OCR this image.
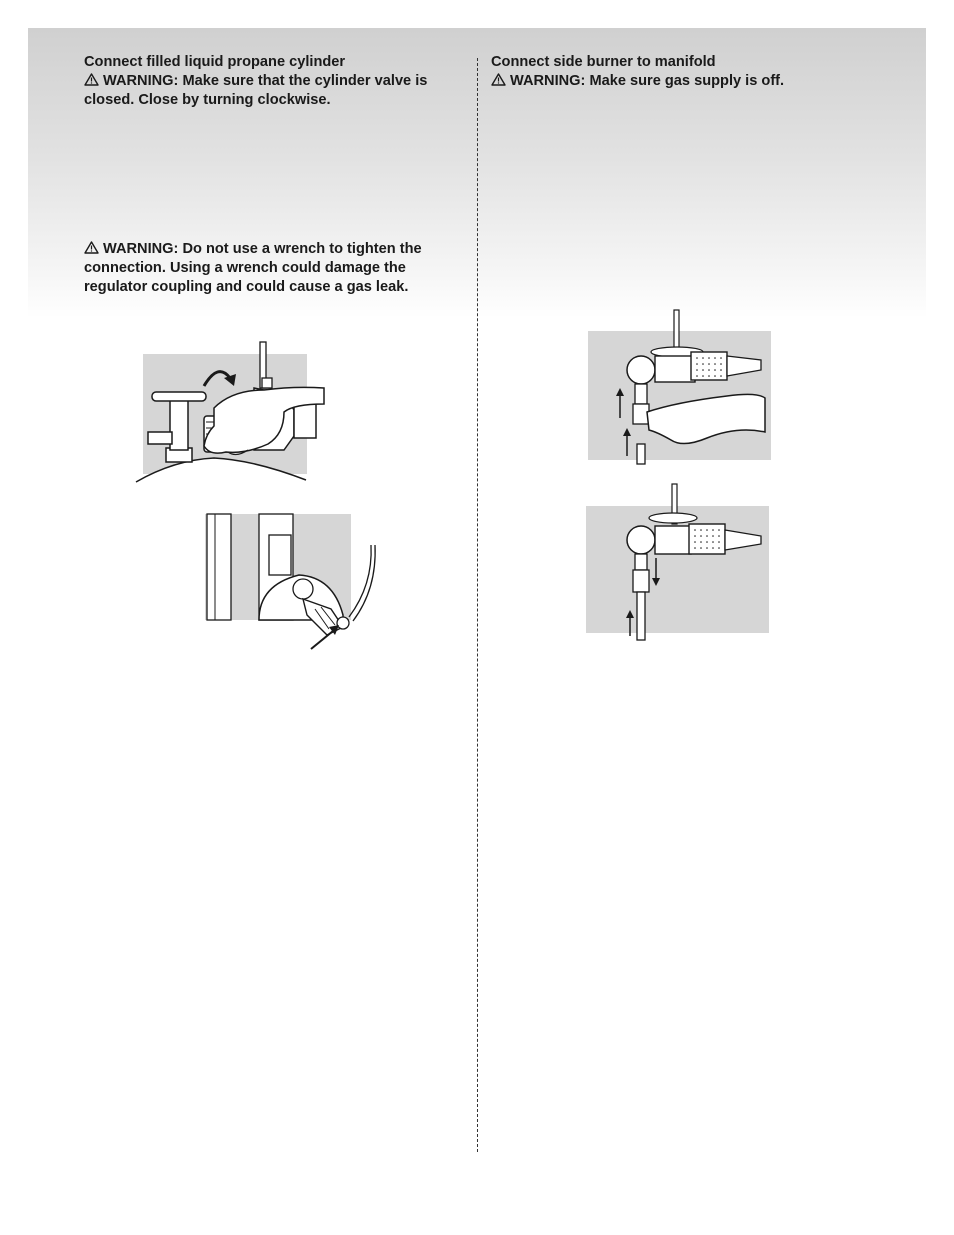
Connect filled liquid propane cylinder

WARNING: Make sure that the cylinder valve is closed. Close by turning clockwise.

WARNING: Do not use a wrench to tighten the connection. Using a wrench could damage the regulator coupling and could cause a gas leak.

Connect side burner to manifold

WARNING: Make sure gas supply is off.
